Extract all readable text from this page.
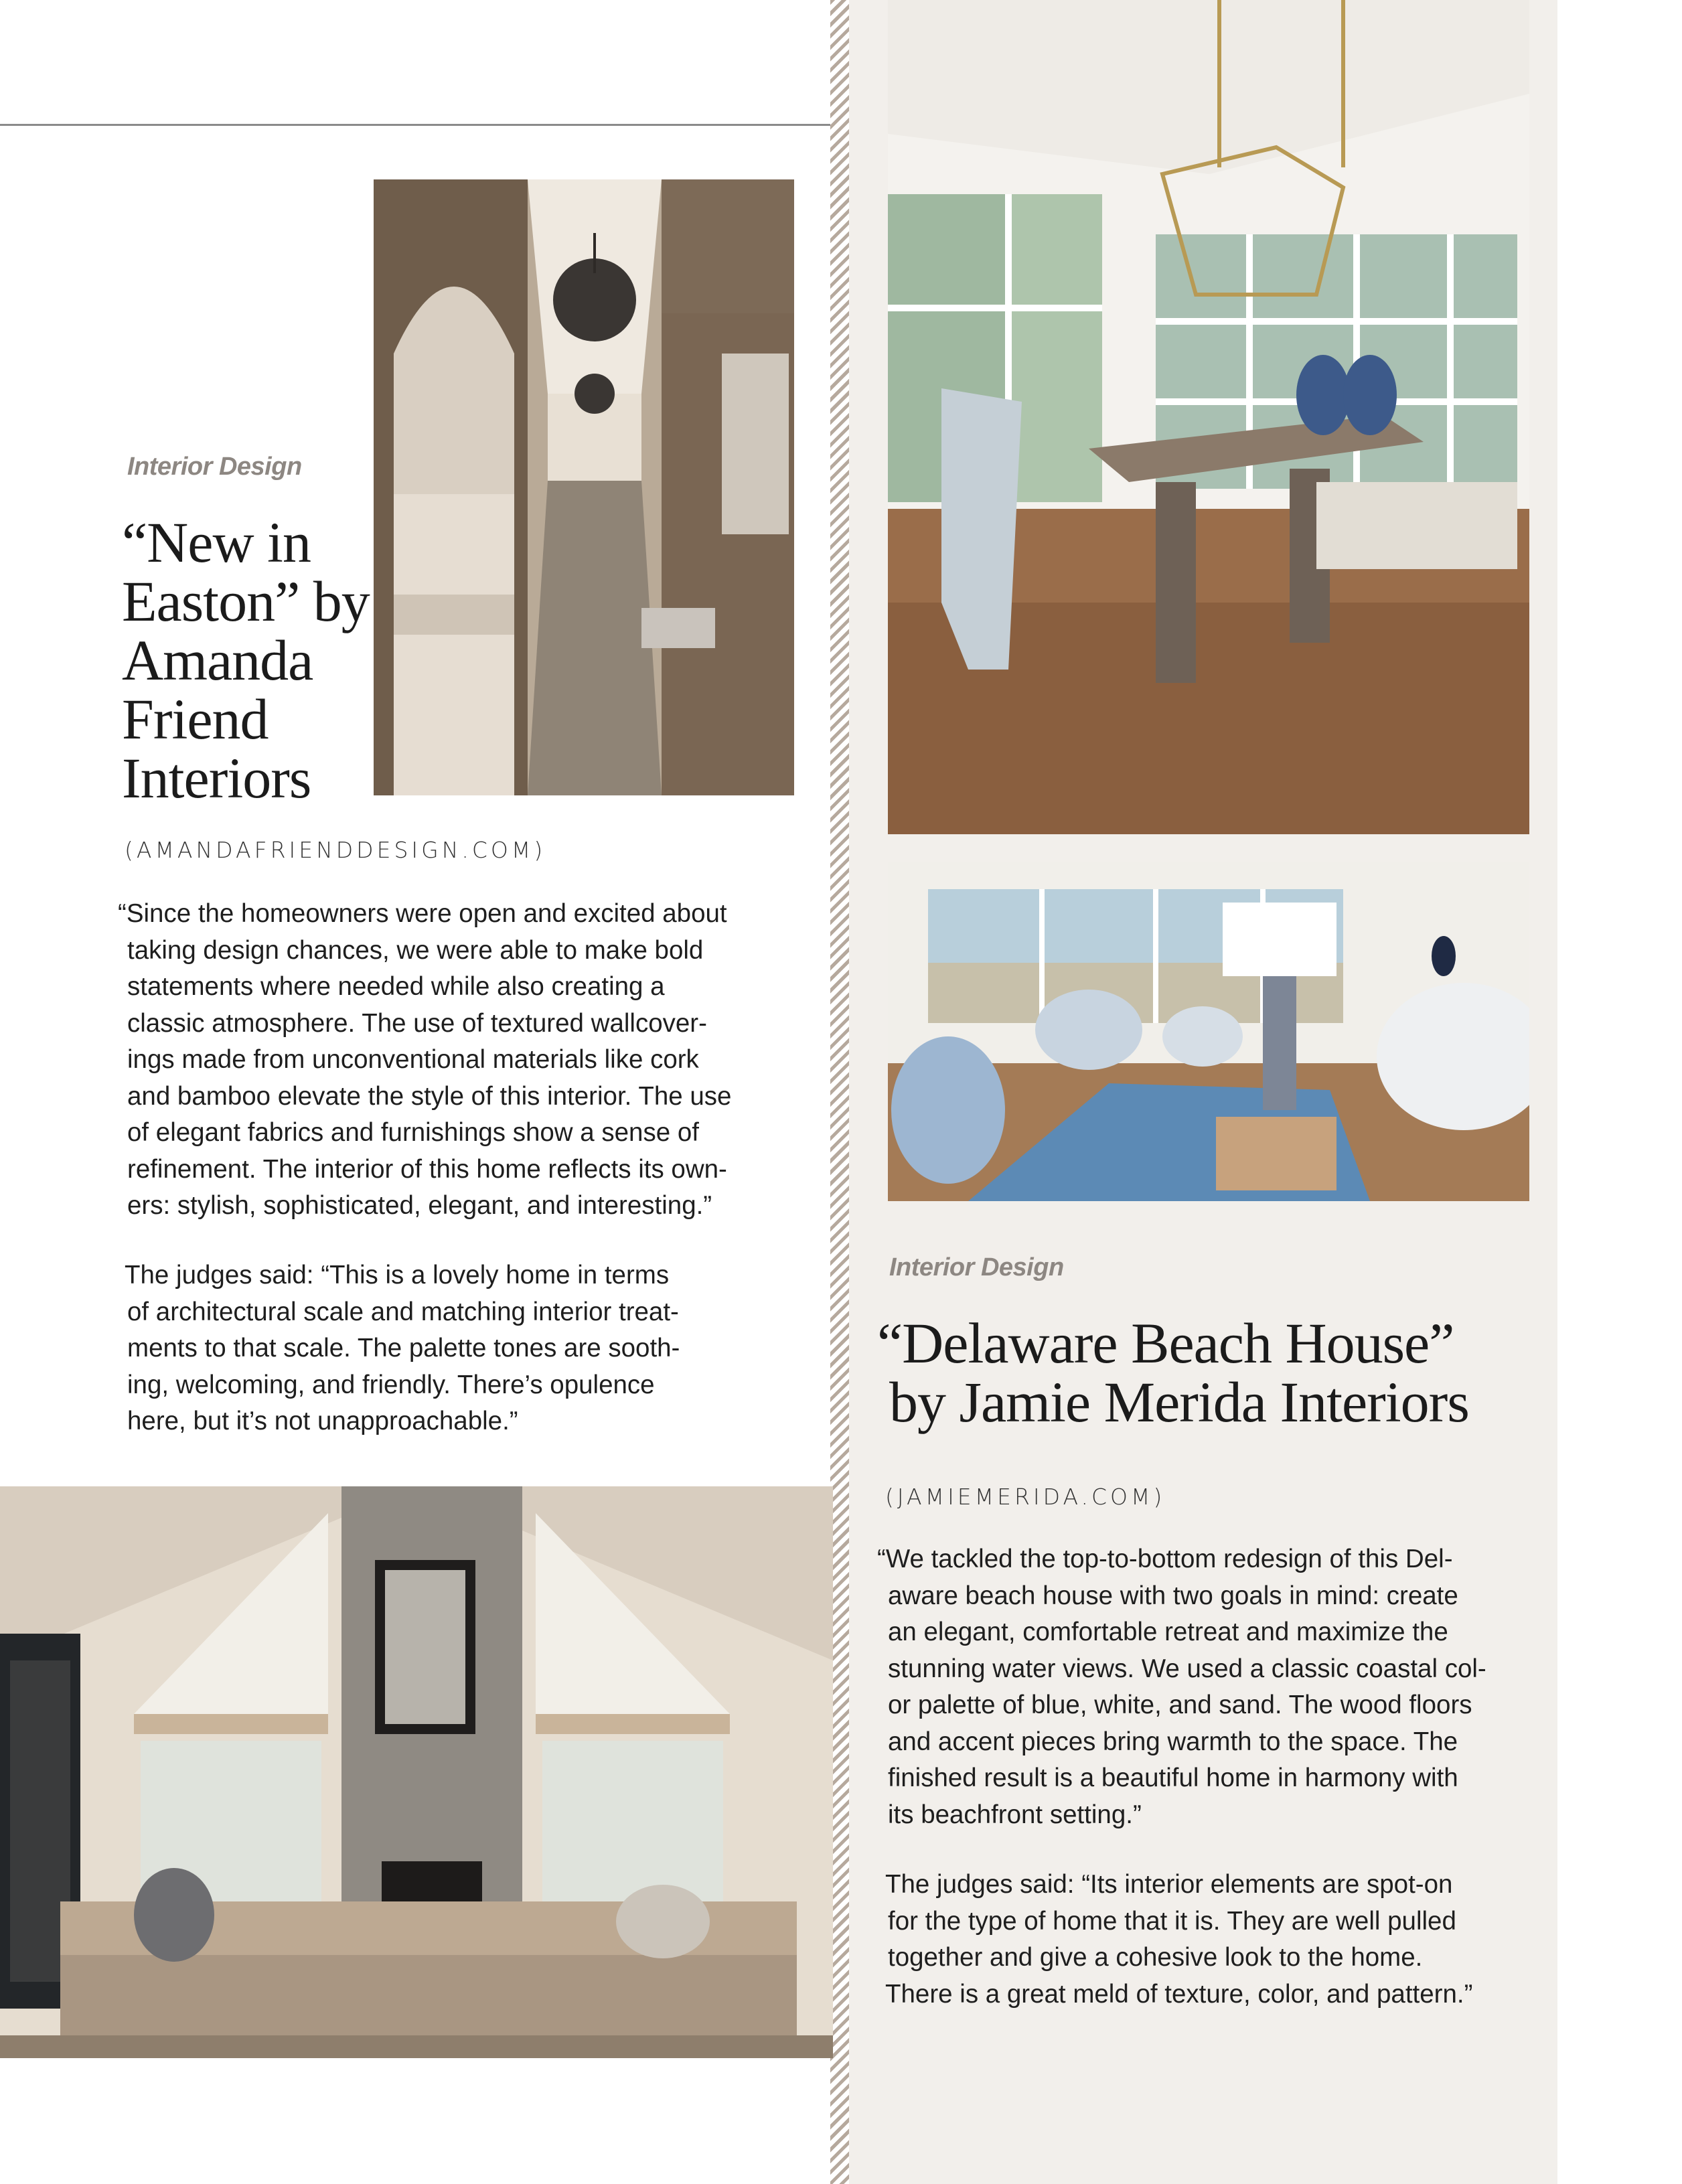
Interior Design
“New in
Easton” by
Amanda
Friend
Interiors
(AMANDAFRIENDDESIGN.COM)
“Since the homeowners were open and excited about
taking design chances, we were able to make bold
statements where needed while also creating a
classic atmosphere. The use of textured wallcover-
ings made from unconventional materials like cork
and bamboo elevate the style of this interior. The use
of elegant fabrics and furnishings show a sense of
refinement. The interior of this home reflects its own-
ers: stylish, sophisticated, elegant, and interesting.”
The judges said: “This is a lovely home in terms
of architectural scale and matching interior treat-
ments to that scale. The palette tones are sooth-
ing, welcoming, and friendly. There’s opulence
here, but it’s not unapproachable.”
Interior Design
“Delaware Beach House”
by Jamie Merida Interiors
(JAMIEMERIDA.COM)
“We tackled the top-to-bottom redesign of this Del-
aware beach house with two goals in mind: create
an elegant, comfortable retreat and maximize the
stunning water views. We used a classic coastal col-
or palette of blue, white, and sand. The wood floors
and accent pieces bring warmth to the space. The
finished result is a beautiful home in harmony with
its beachfront setting.”
The judges said: “Its interior elements are spot-on
for the type of home that it is. They are well pulled
together and give a cohesive look to the home.
There is a great meld of texture, color, and pattern.”
